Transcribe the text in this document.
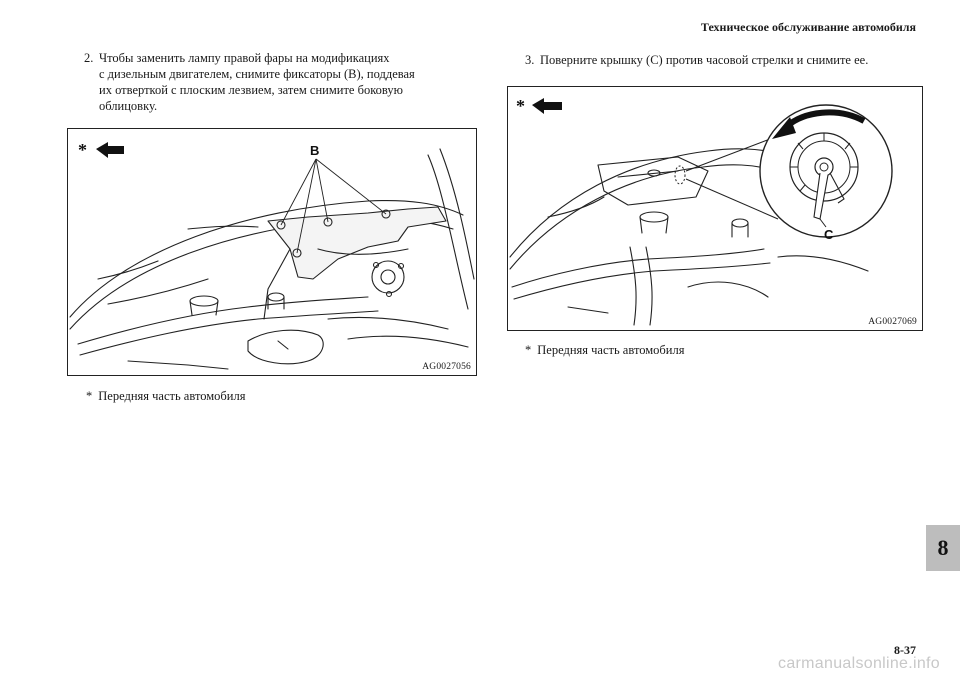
Техническое обслуживание автомобиля
2. Чтобы заменить лампу правой фары на модификациях
с дизельным двигателем, снимите фиксаторы (B), поддевая
их отверткой с плоским лезвием, затем снимите боковую
облицовку.
3. Поверните крышку (C) против часовой стрелки и снимите ее.
*	B
AG0027056
C
*
AG0027069
* Передняя часть автомобиля
* Передняя часть автомобиля
8
8-37
carmanualsonline.info
